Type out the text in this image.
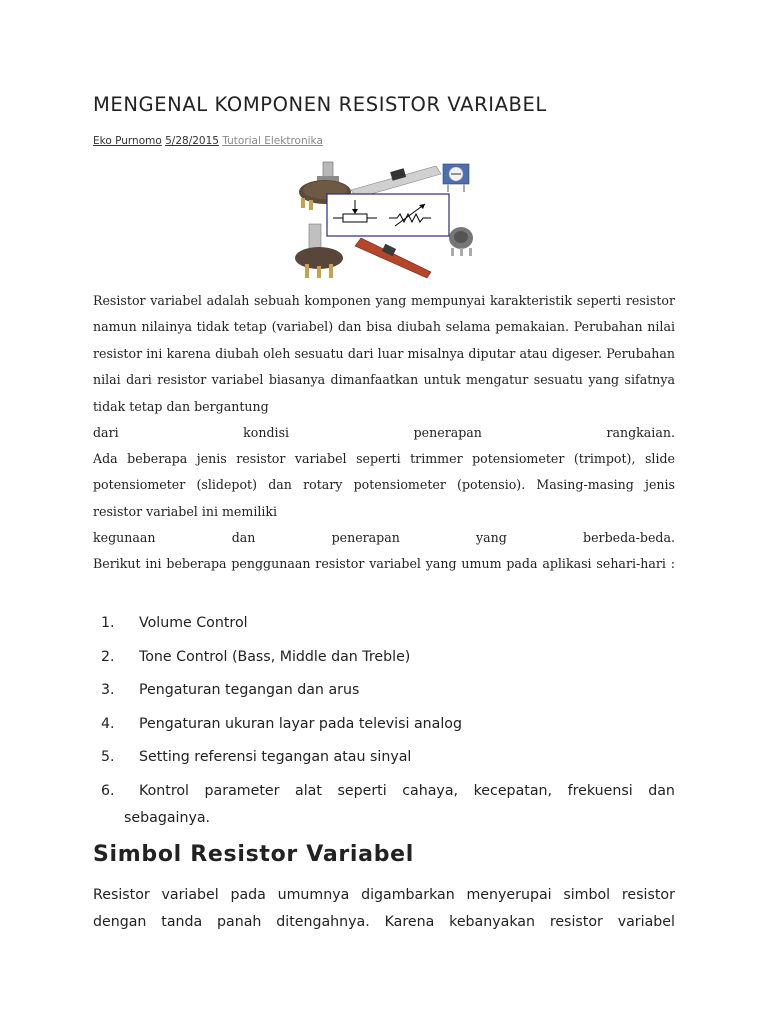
MENGENAL KOMPONEN RESISTOR VARIABEL
Eko Purnomo 5/28/2015 Tutorial Elektronika
Resistor variabel adalah sebuah komponen yang mempunyai karakteristik seperti resistor namun nilainya tidak tetap (variabel) dan bisa diubah selama pemakaian. Perubahan nilai resistor ini karena diubah oleh sesuatu dari luar misalnya diputar atau digeser. Perubahan nilai dari resistor variabel biasanya dimanfaatkan untuk mengatur sesuatu yang sifatnya tidak tetap dan bergantung
dari	kondisi	penerapan	rangkaian.
Ada beberapa jenis resistor variabel seperti trimmer potensiometer (trimpot), slide potensiometer (slidepot) dan rotary potensiometer (potensio). Masing-masing jenis resistor variabel ini memiliki
kegunaan	dan	penerapan	yang	berbeda-beda.
Berikut ini beberapa penggunaan resistor variabel yang umum pada aplikasi sehari-hari :
1. Volume Control
2. Tone Control (Bass, Middle dan Treble)
3. Pengaturan tegangan dan arus
4. Pengaturan ukuran layar pada televisi analog
5. Setting referensi tegangan atau sinyal
6. Kontrol parameter alat seperti cahaya, kecepatan, frekuensi dan
sebagainya.
Simbol Resistor Variabel
Resistor variabel pada umumnya digambarkan menyerupai simbol resistor
dengan tanda panah ditengahnya. Karena kebanyakan resistor variabel
